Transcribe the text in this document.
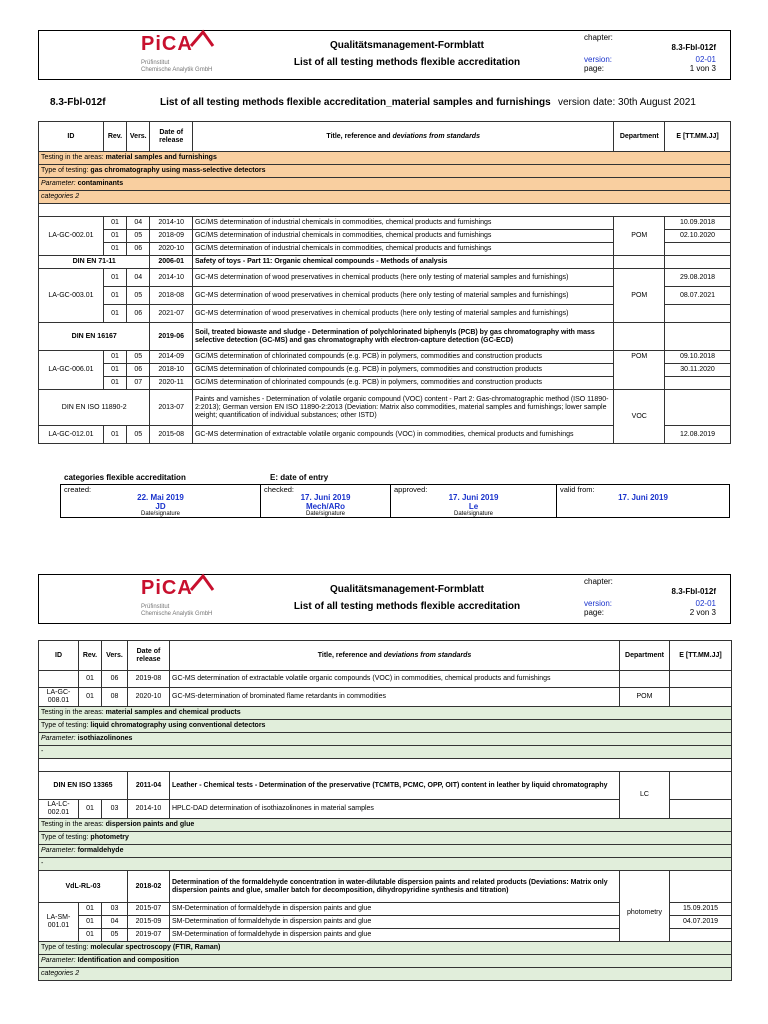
PiCA
Prüfinstitut
Chemische Analytik GmbH
Qualitätsmanagement-Formblatt
List of all testing methods flexible accreditation
chapter:
8.3-Fbl-012f
version:	02-01
page:	1 von 3
8.3-Fbl-012f	List of all testing methods flexible accreditation_material samples and furnishings version date: 30th August 2021
ID	Rev.	Vers.	Date of release	Title, reference and deviations from standards	Department	E [TT.MM.JJ]
Testing in the areas: material samples and furnishings						
Type of testing: gas chromatography using mass-selective detectors						
Parameter: contaminants						
categories 2						

LA-GC-002.01	01	04	2014-10	GC/MS determination of industrial chemicals in commodities, chemical products and furnishings	POM	10.09.2018
	01	05	2018-09	GC/MS determination of industrial chemicals in commodities, chemical products and furnishings		02.10.2020
	01	06	2020-10	GC/MS determination of industrial chemicals in commodities, chemical products and furnishings		
DIN EN 71-11			2006-01	Safety of toys - Part 11: Organic chemical compounds - Methods of analysis		
LA-GC-003.01	01	04	2014-10	GC-MS determination of wood preservatives in chemical products (here only testing of material samples and furnishings)	POM	29.08.2018
	01	05	2018-08	GC-MS determination of wood preservatives in chemical products (here only testing of material samples and furnishings)		08.07.2021
	01	06	2021-07	GC-MS determination of wood preservatives in chemical products (here only testing of material samples and furnishings)		
DIN EN 16167			2019-06	Soil, treated biowaste and sludge - Determination of polychlorinated biphenyls (PCB) by gas chromatography with mass selective detection (GC-MS) and gas chromatography with electron-capture detection (GC-ECD)		
LA-GC-006.01	01	05	2014-09	GC/MS determination of chlorinated compounds (e.g. PCB) in polymers, commodities and construction products	POM	09.10.2018
	01	06	2018-10	GC/MS determination of chlorinated compounds (e.g. PCB) in polymers, commodities and construction products		30.11.2020
	01	07	2020-11	GC/MS determination of chlorinated compounds (e.g. PCB) in polymers, commodities and construction products		
DIN EN ISO 11890-2			2013-07	Paints and varnishes - Determination of volatile organic compound (VOC) content - Part 2: Gas-chromatographic method (ISO 11890-2:2013); German version EN ISO 11890-2:2013 (Deviation: Matrix also commodities, material samples and furnishings; lower sample weight; quantification of individual substances; other ISTD)	VOC	
LA-GC-012.01	01	05	2015-08	GC-MS determination of extractable volatile organic compounds (VOC) in commodities, chemical products and furnishings		12.08.2019
categories flexible accreditation	E: date of entry
created:
22. Mai 2019
JD
Date/signature
checked:
17. Juni 2019
Mech/ARo
Date/signature
approved:
17. Juni 2019
Le
Date/signature
valid from:
17. Juni 2019
PiCA
Prüfinstitut
Chemische Analytik GmbH
Qualitätsmanagement-Formblatt
List of all testing methods flexible accreditation
chapter:
8.3-Fbl-012f
version:	02-01
page:	2 von 3
ID	Rev.	Vers.	Date of release	Title, reference and deviations from standards	Department	E [TT.MM.JJ]
	01	06	2019-08	GC-MS determination of extractable volatile organic compounds (VOC) in commodities, chemical products and furnishings		
LA-GC-008.01	01	08	2020-10	GC-MS-determination of brominated flame retardants in commodities	POM	
Testing in the areas: material samples and chemical products						
Type of testing: liquid chromatography using conventional detectors						
Parameter: isothiazolinones						
-						

DIN EN ISO 13365			2011-04	Leather - Chemical tests - Determination of the preservative (TCMTB, PCMC, OPP, OIT) content in leather by liquid chromatography	LC	
LA-LC-002.01	01	03	2014-10	HPLC-DAD determination of isothiazolinones in material samples		
Testing in the areas: dispersion paints and glue						
Type of testing: photometry						
Parameter: formaldehyde						
-						
VdL-RL-03			2018-02	Determination of the formaldehyde concentration in water-dilutable dispersion paints and related products (Deviations: Matrix only dispersion paints and glue, smaller batch for decomposition, dihydropyridine synthesis and titration)	photometry	
LA-SM-001.01	01	03	2015-07	SM-Determination of formaldehyde in dispersion paints and glue		15.09.2015
	01	04	2015-09	SM-Determination of formaldehyde in dispersion paints and glue		04.07.2019
	01	05	2019-07	SM-Determination of formaldehyde in dispersion paints and glue		
Type of testing: molecular spectroscopy (FTIR, Raman)						
Parameter: Identification and composition						
categories 2						
